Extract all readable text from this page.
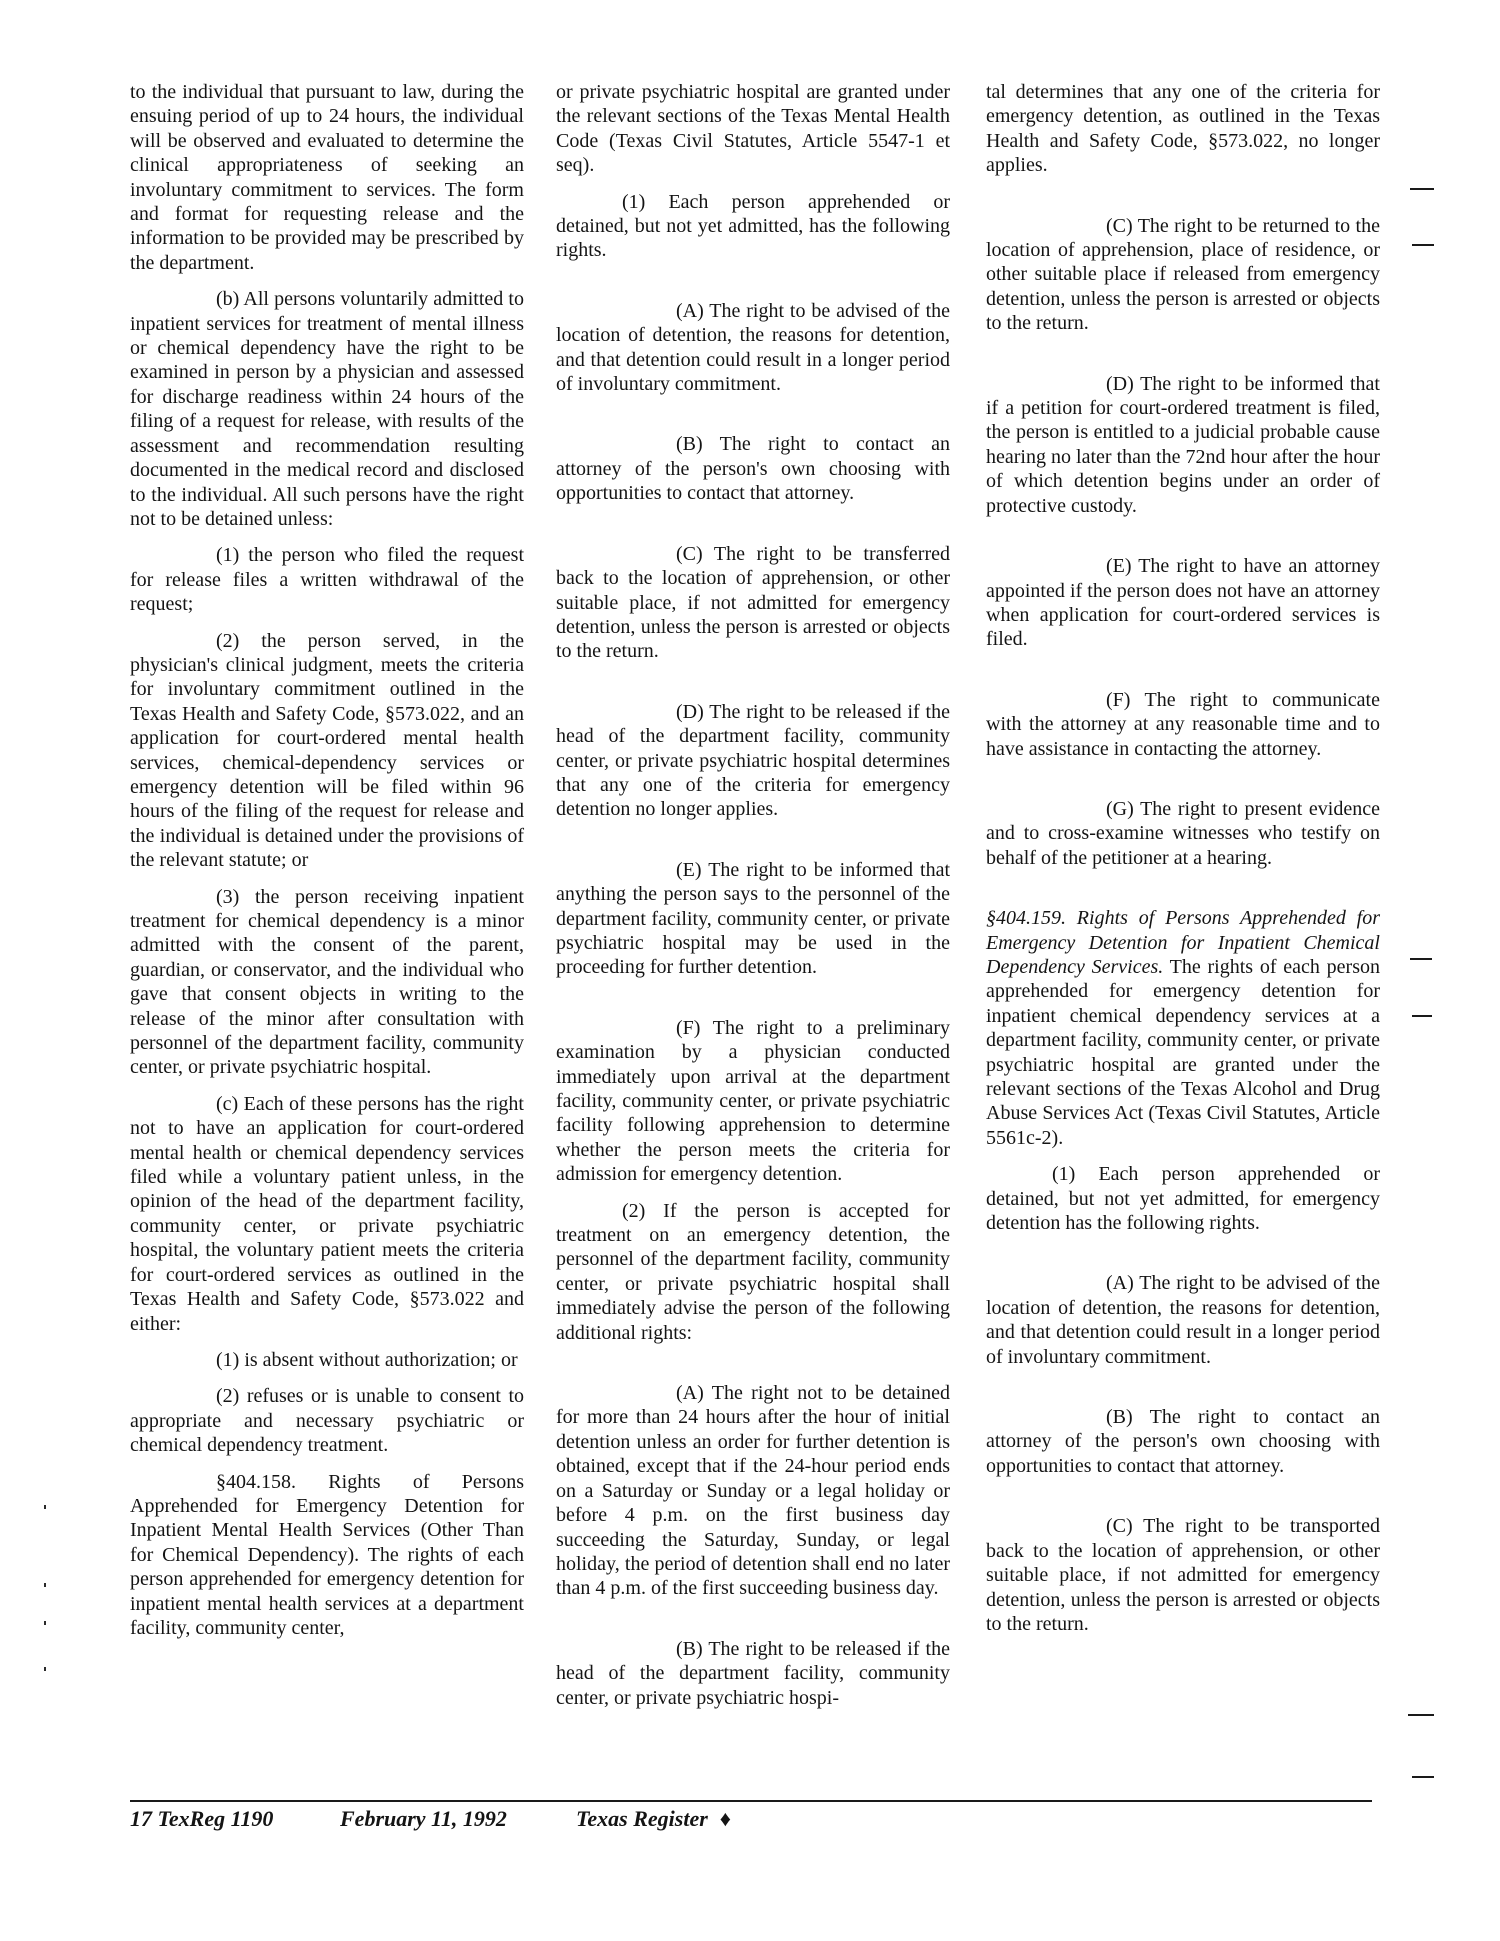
to the individual that pursuant to law, during the ensuing period of up to 24 hours, the individual will be observed and evaluated to determine the clinical appropriateness of seeking an involuntary commitment to services. The form and format for requesting release and the information to be provided may be prescribed by the department.

(b) All persons voluntarily admitted to inpatient services for treatment of mental illness or chemical dependency have the right to be examined in person by a physician and assessed for discharge readiness within 24 hours of the filing of a request for release, with results of the assessment and recommendation resulting documented in the medical record and disclosed to the individual. All such persons have the right not to be detained unless:

(1) the person who filed the request for release files a written withdrawal of the request;

(2) the person served, in the physician's clinical judgment, meets the criteria for involuntary commitment outlined in the Texas Health and Safety Code, §573.022, and an application for court-ordered mental health services, chemical-dependency services or emergency detention will be filed within 96 hours of the filing of the request for release and the individual is detained under the provisions of the relevant statute; or

(3) the person receiving inpatient treatment for chemical dependency is a minor admitted with the consent of the parent, guardian, or conservator, and the individual who gave that consent objects in writing to the release of the minor after consultation with personnel of the department facility, community center, or private psychiatric hospital.

(c) Each of these persons has the right not to have an application for court-ordered mental health or chemical dependency services filed while a voluntary patient unless, in the opinion of the head of the department facility, community center, or private psychiatric hospital, the voluntary patient meets the criteria for court-ordered services as outlined in the Texas Health and Safety Code, §573.022 and either:

(1) is absent without authorization; or

(2) refuses or is unable to consent to appropriate and necessary psychiatric or chemical dependency treatment.

§404.158. Rights of Persons Apprehended for Emergency Detention for Inpatient Mental Health Services (Other Than for Chemical Dependency). The rights of each person apprehended for emergency detention for inpatient mental health services at a department facility, community center,

or private psychiatric hospital are granted under the relevant sections of the Texas Mental Health Code (Texas Civil Statutes, Article 5547-1 et seq).

(1) Each person apprehended or detained, but not yet admitted, has the following rights.

(A) The right to be advised of the location of detention, the reasons for detention, and that detention could result in a longer period of involuntary commitment.

(B) The right to contact an attorney of the person's own choosing with opportunities to contact that attorney.

(C) The right to be transferred back to the location of apprehension, or other suitable place, if not admitted for emergency detention, unless the person is arrested or objects to the return.

(D) The right to be released if the head of the department facility, community center, or private psychiatric hospital determines that any one of the criteria for emergency detention no longer applies.

(E) The right to be informed that anything the person says to the personnel of the department facility, community center, or private psychiatric hospital may be used in the proceeding for further detention.

(F) The right to a preliminary examination by a physician conducted immediately upon arrival at the department facility, community center, or private psychiatric facility following apprehension to determine whether the person meets the criteria for admission for emergency detention.

(2) If the person is accepted for treatment on an emergency detention, the personnel of the department facility, community center, or private psychiatric hospital shall immediately advise the person of the following additional rights:

(A) The right not to be detained for more than 24 hours after the hour of initial detention unless an order for further detention is obtained, except that if the 24-hour period ends on a Saturday or Sunday or a legal holiday or before 4 p.m. on the first business day succeeding the Saturday, Sunday, or legal holiday, the period of detention shall end no later than 4 p.m. of the first succeeding business day.

(B) The right to be released if the head of the department facility, community center, or private psychiatric hospi-

tal determines that any one of the criteria for emergency detention, as outlined in the Texas Health and Safety Code, §573.022, no longer applies.

(C) The right to be returned to the location of apprehension, place of residence, or other suitable place if released from emergency detention, unless the person is arrested or objects to the return.

(D) The right to be informed that if a petition for court-ordered treatment is filed, the person is entitled to a judicial probable cause hearing no later than the 72nd hour after the hour of which detention begins under an order of protective custody.

(E) The right to have an attorney appointed if the person does not have an attorney when application for court-ordered services is filed.

(F) The right to communicate with the attorney at any reasonable time and to have assistance in contacting the attorney.

(G) The right to present evidence and to cross-examine witnesses who testify on behalf of the petitioner at a hearing.

§404.159. Rights of Persons Apprehended for Emergency Detention for Inpatient Chemical Dependency Services. The rights of each person apprehended for emergency detention for inpatient chemical dependency services at a department facility, community center, or private psychiatric hospital are granted under the relevant sections of the Texas Alcohol and Drug Abuse Services Act (Texas Civil Statutes, Article 5561c-2).

(1) Each person apprehended or detained, but not yet admitted, for emergency detention has the following rights.

(A) The right to be advised of the location of detention, the reasons for detention, and that detention could result in a longer period of involuntary commitment.

(B) The right to contact an attorney of the person's own choosing with opportunities to contact that attorney.

(C) The right to be transported back to the location of apprehension, or other suitable place, if not admitted for emergency detention, unless the person is arrested or objects to the return.

17 TexReg 1190	February 11, 1992	Texas Register ♦
